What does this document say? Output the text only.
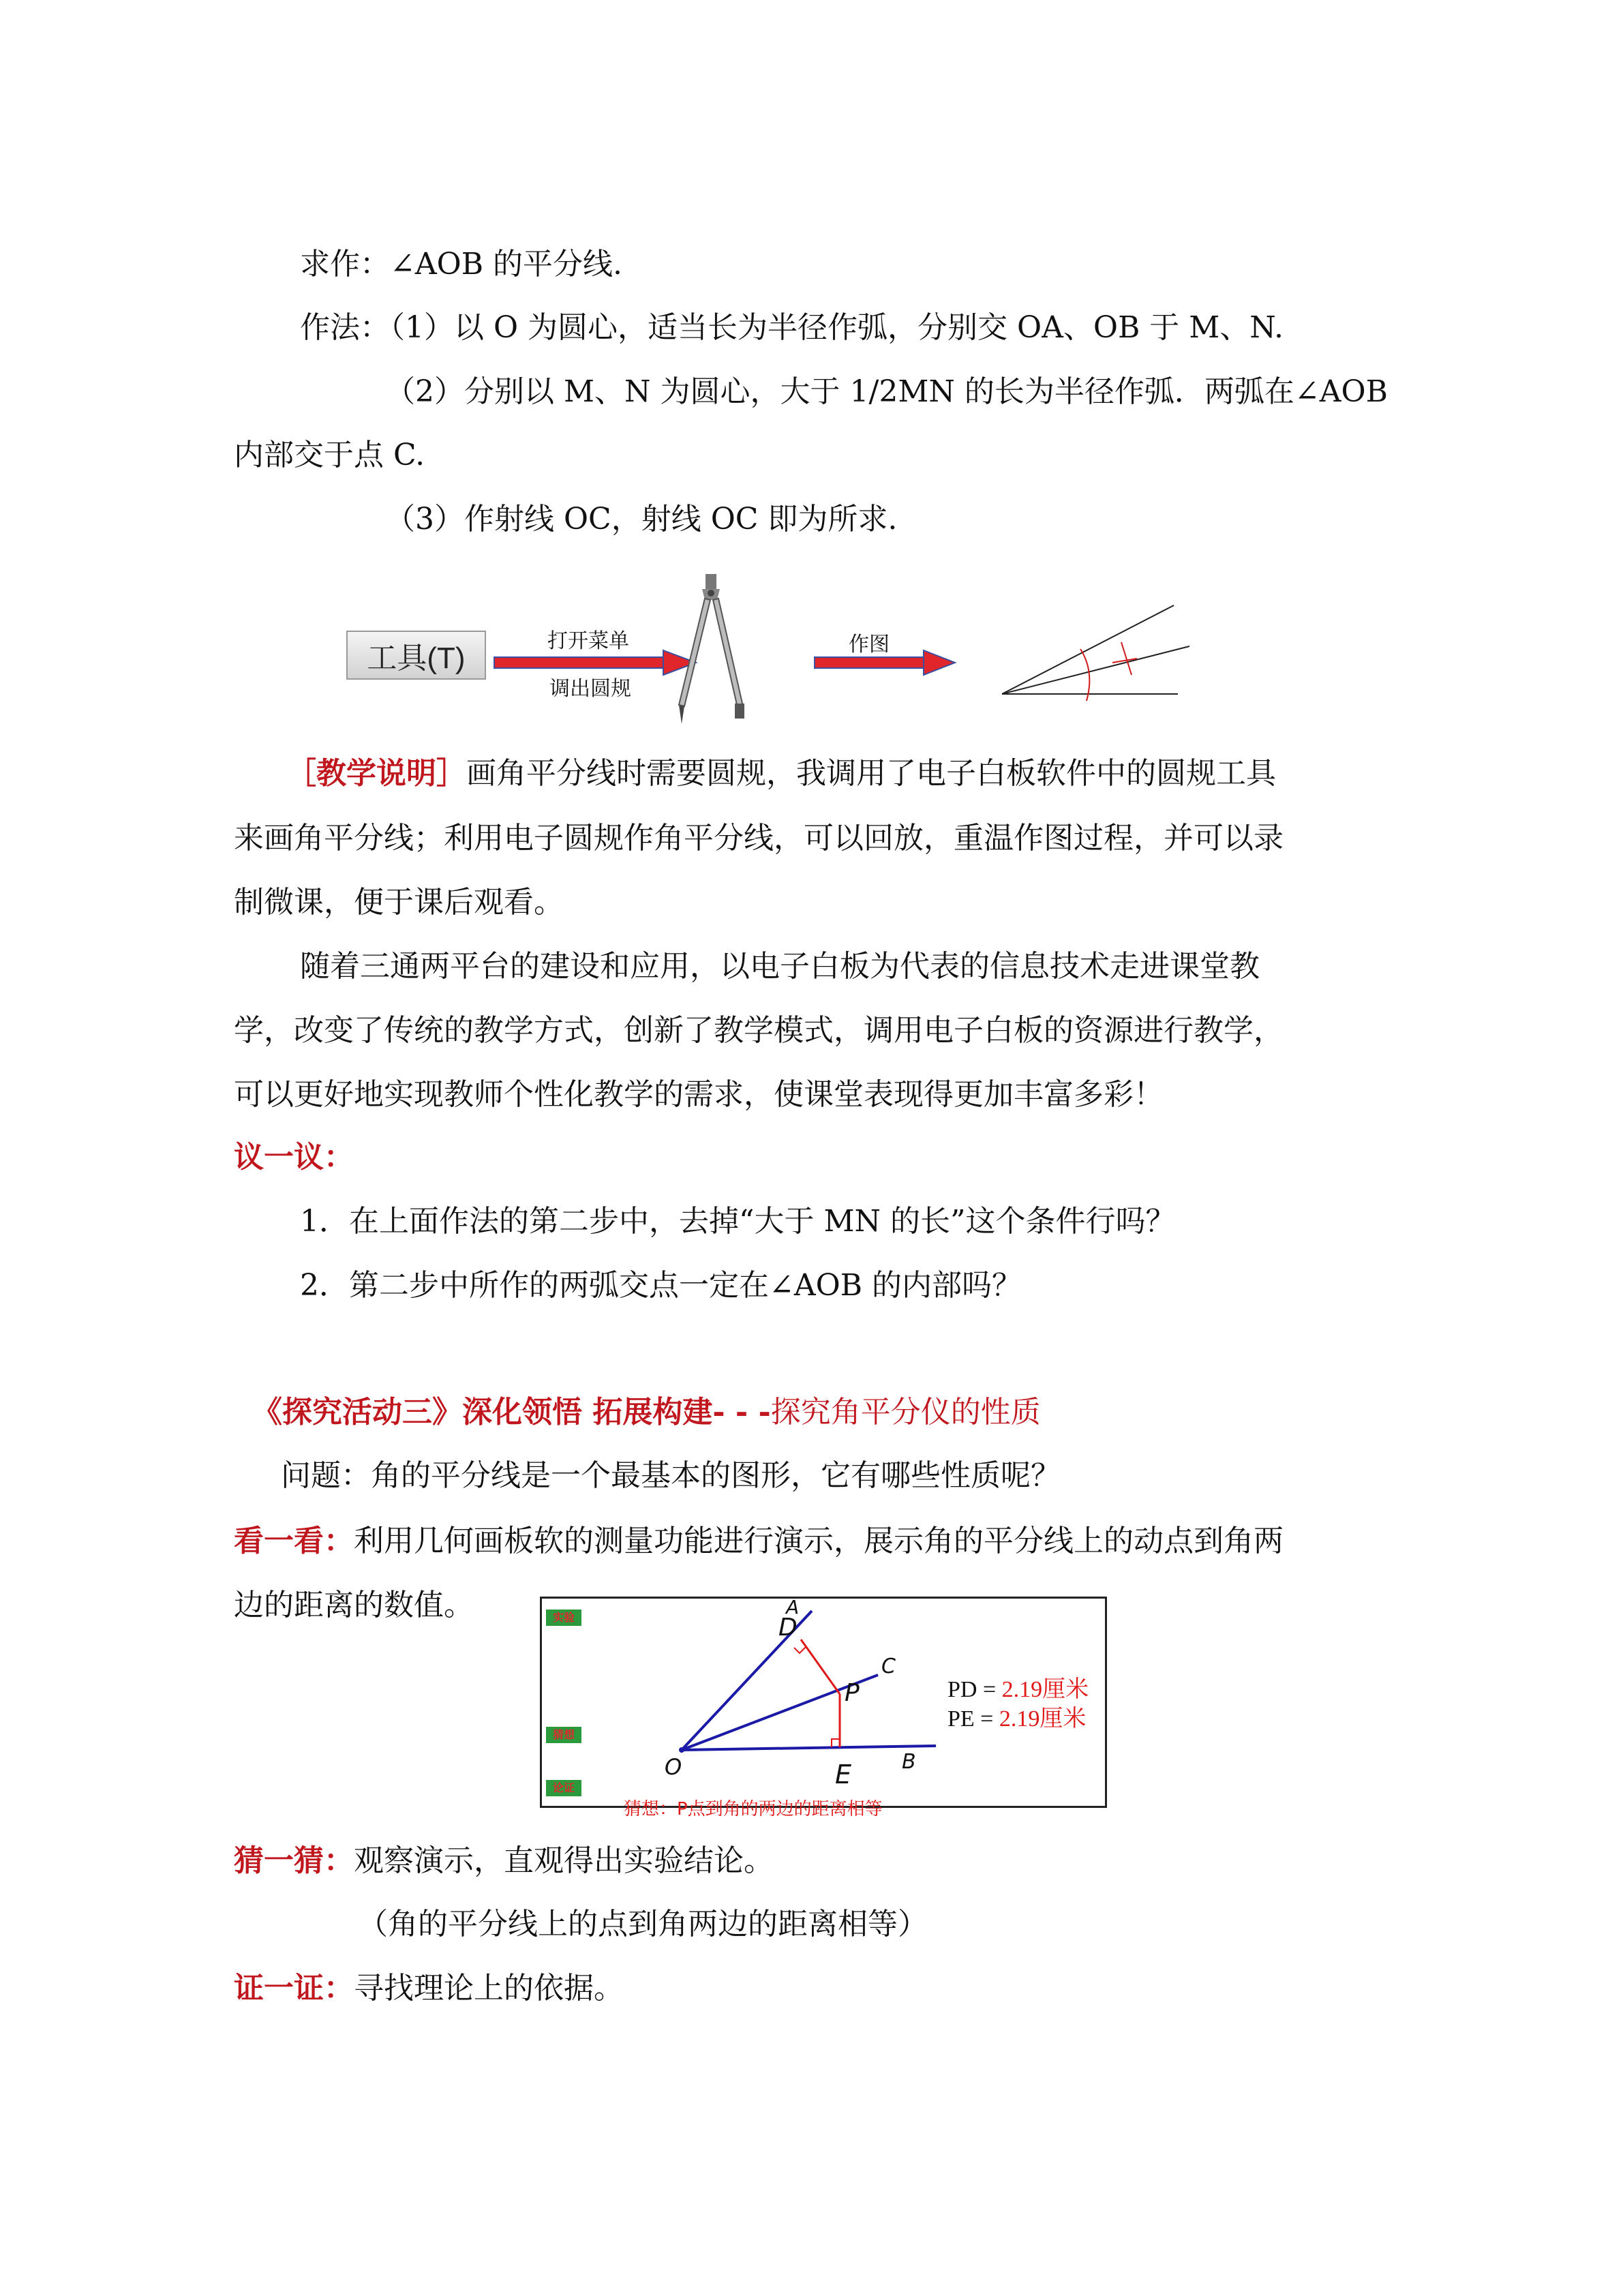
求作：∠AOB 的平分线.
作法：（1）以 O 为圆心，适当长为半径作弧，分别交 OA、OB 于 M、N.
（2）分别以 M、N 为圆心，大于 1/2MN 的长为半径作弧．两弧在∠AOB
内部交于点 C.
（3）作射线 OC，射线 OC 即为所求.
工具(T)
打开菜单
调出圆规
作图
［教学说明］画角平分线时需要圆规，我调用了电子白板软件中的圆规工具
来画角平分线；利用电子圆规作角平分线，可以回放，重温作图过程，并可以录
制微课，便于课后观看。
随着三通两平台的建设和应用，以电子白板为代表的信息技术走进课堂教
学，改变了传统的教学方式，创新了教学模式，调用电子白板的资源进行教学，
可以更好地实现教师个性化教学的需求，使课堂表现得更加丰富多彩！
议一议：
1．在上面作法的第二步中，去掉“大于 MN 的长”这个条件行吗？
2．第二步中所作的两弧交点一定在∠AOB 的内部吗？
《探究活动三》深化领悟 拓展构建- - -探究角平分仪的性质
问题：角的平分线是一个最基本的图形，它有哪些性质呢？
看一看：利用几何画板软的测量功能进行演示，展示角的平分线上的动点到角两
边的距离的数值。	实验
猜想
论证
A
D
C
P
O	E B
PD = 2.19厘米
PE = 2.19厘米
猜想：P点到角的两边的距离相等
猜一猜：观察演示，直观得出实验结论。
（角的平分线上的点到角两边的距离相等）
证一证：寻找理论上的依据。
